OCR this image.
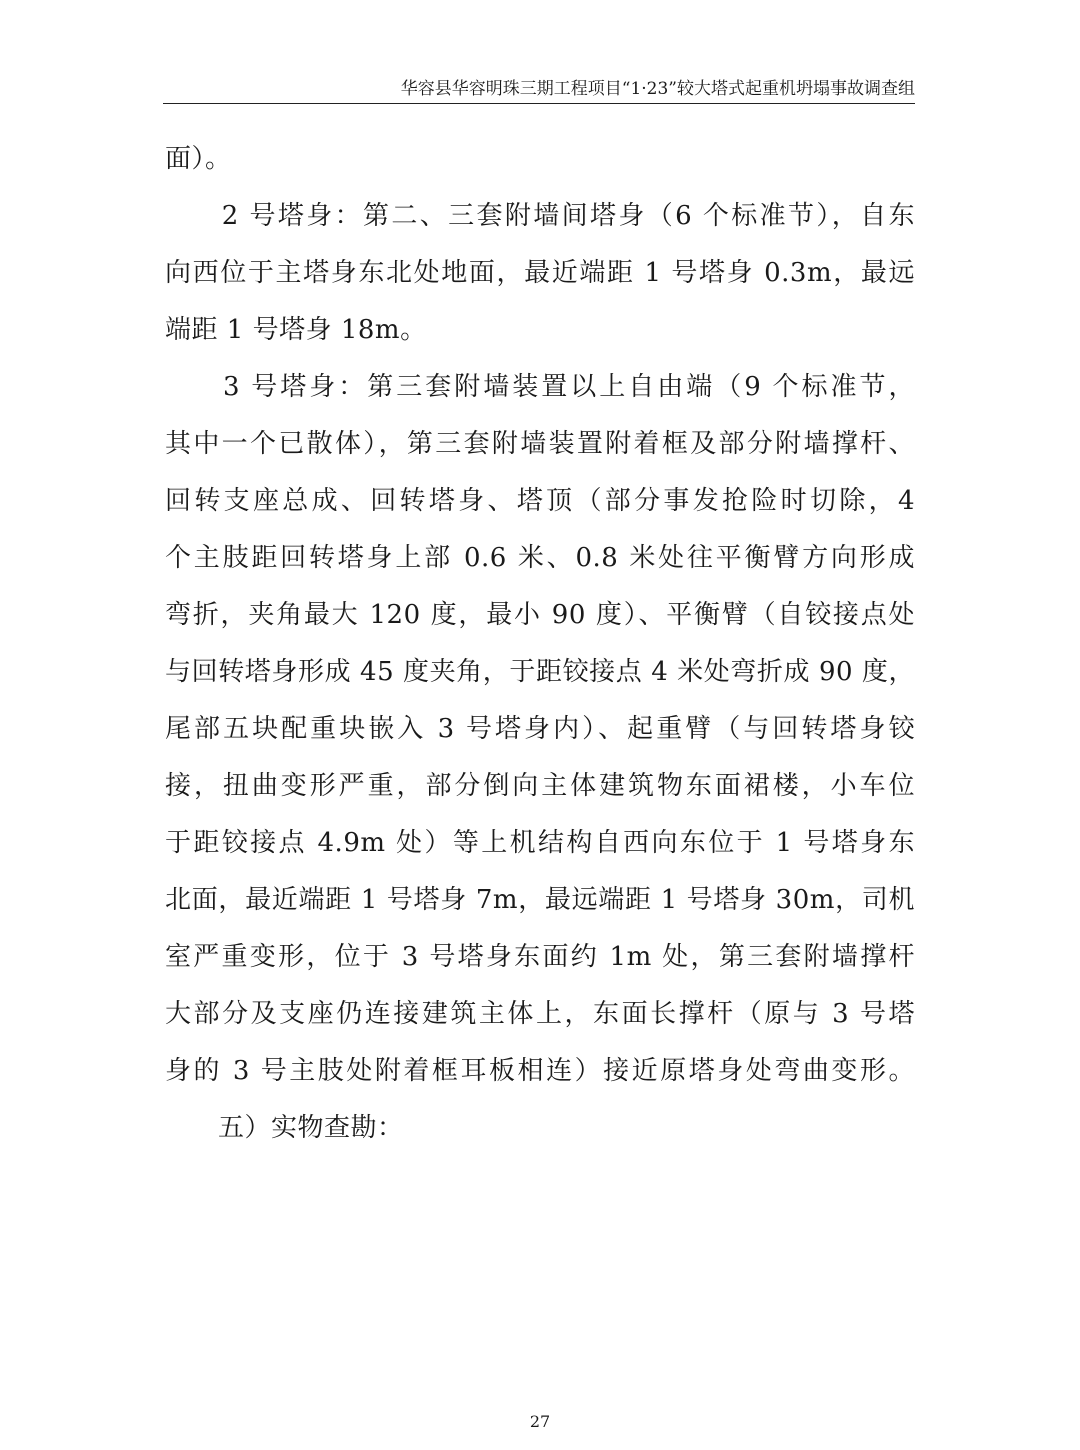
华容县华容明珠三期工程项目“1·23”较大塔式起重机坍塌事故调查组
面）。
　　2 号塔身：第二、三套附墙间塔身（6 个标准节），自东
向西位于主塔身东北处地面，最近端距 1 号塔身 0.3m，最远
端距 1 号塔身 18m。
　　3 号塔身：第三套附墙装置以上自由端（9 个标准节，
其中一个已散体），第三套附墙装置附着框及部分附墙撑杆、
回转支座总成、回转塔身、塔顶（部分事发抢险时切除，4
个主肢距回转塔身上部 0.6 米、0.8 米处往平衡臂方向形成
弯折，夹角最大 120 度，最小 90 度）、平衡臂（自铰接点处
与回转塔身形成 45 度夹角，于距铰接点 4 米处弯折成 90 度，
尾部五块配重块嵌入 3 号塔身内）、起重臂（与回转塔身铰
接，扭曲变形严重，部分倒向主体建筑物东面裙楼，小车位
于距铰接点 4.9m 处）等上机结构自西向东位于 1 号塔身东
北面，最近端距 1 号塔身 7m，最远端距 1 号塔身 30m，司机
室严重变形，位于 3 号塔身东面约 1m 处，第三套附墙撑杆
大部分及支座仍连接建筑主体上，东面长撑杆（原与 3 号塔
身的 3 号主肢处附着框耳板相连）接近原塔身处弯曲变形。
　　五）实物查勘：
27
